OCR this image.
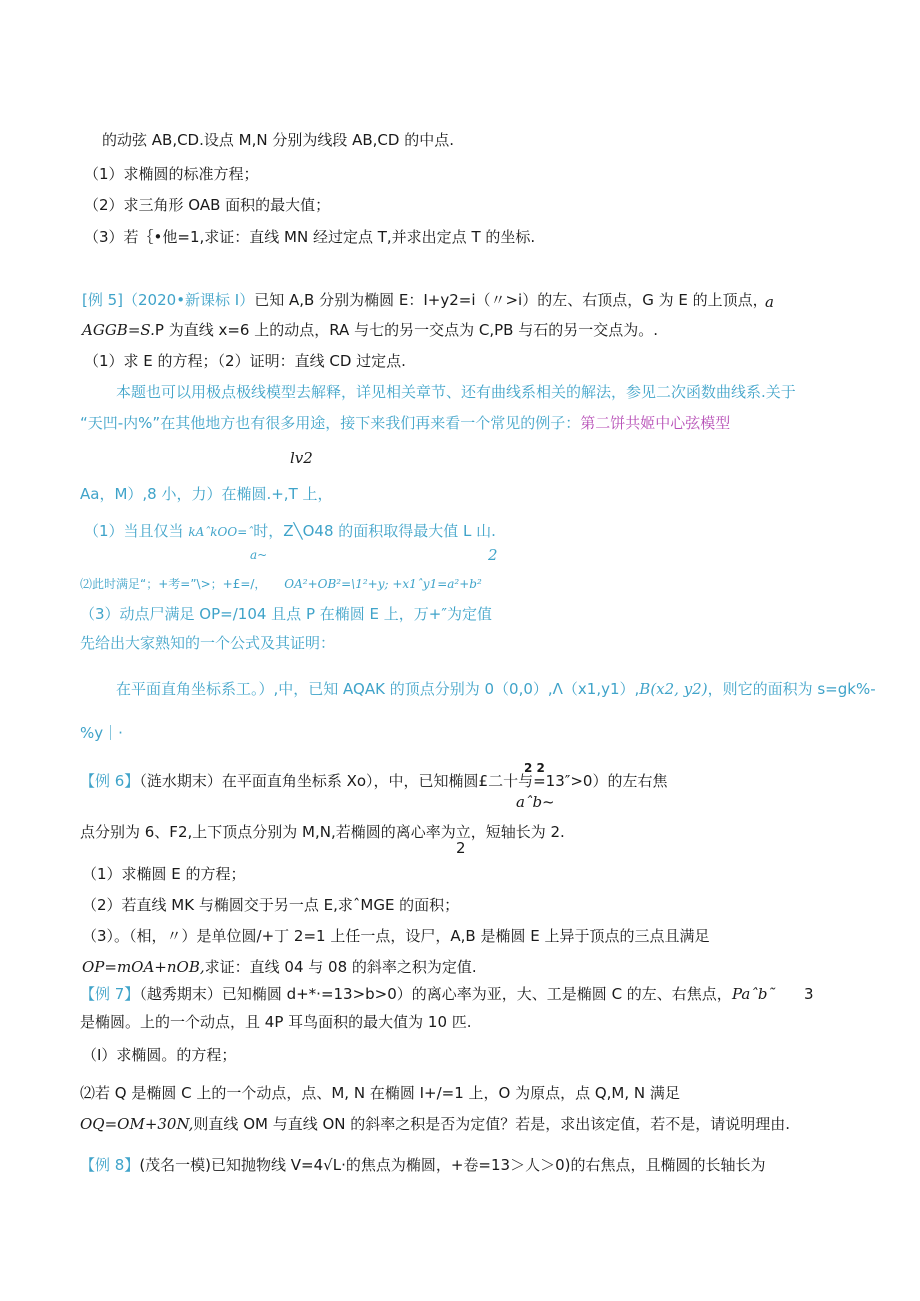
的动弦 AB,CD.设点 M,N 分别为线段 AB,CD 的中点.
（1）求椭圆的标准方程；
（2）求三角形 OAB 面积的最大值；
（3）若｛•他=1,求证：直线 MN 经过定点 T,并求出定点 T 的坐标.
[例 5]（2020•新课标 I）已知 A,B 分别为椭圆 E：I+y2=i（〃>i）的左、右顶点，G 为 E 的上顶点，
a
AGGB=S.P 为直线 x=6 上的动点，RA 与七的另一交点为 C,PB 与石的另一交点为。.
（1）求 E 的方程；（2）证明：直线 CD 过定点.
本题也可以用极点极线模型去解释，详见相关章节、还有曲线系相关的解法，参见二次函数曲线系.关于
“天凹-内%”在其他地方也有很多用途，接下来我们再来看一个常见的例子：第二饼共姬中心弦模型
lv2
Aa，M）,8 小，力）在椭圆.+,T 上，
（1）当且仅当 kAˆkOO=ˆ时，Z╲O48 的面积取得最大值 L 山.
a~	2
⑵此时满足“；+考=”\>；+£=/， OA²+OB²=\1²+y; +x1ˆy1=a²+b²
（3）动点尸满足 OP=/104 且点 P 在椭圆 E 上，万+″为定值
先给出大家熟知的一个公式及其证明：
在平面直角坐标系工。）,中，已知 AQAK 的顶点分别为 0（0,0）,Λ（x1,y1）,B(x2, y2)，则它的面积为 s=gk%-
%y｜·
2 2
【例 6】（涟水期末）在平面直角坐标系 Xo），中，已知椭圆£二十与=13″>0）的左右焦
aˆb~
点分别为 6、F2,上下顶点分别为 M,N,若椭圆的离心率为立，短轴长为 2.
2
（1）求椭圆 E 的方程；
（2）若直线 MK 与椭圆交于另一点 E,求ˆMGE 的面积；
（3）。（相，〃）是单位圆/+丁 2=1 上任一点，设尸，A,B 是椭圆 E 上异于顶点的三点且满足
OP=mOA+nOB,求证：直线 04 与 08 的斜率之积为定值.
【例 7】（越秀期末）已知椭圆 d+*·=13>b>0）的离心率为亚，大、工是椭圆 C 的左、右焦点， Paˆb˜ 3
是椭圆。上的一个动点，且 4P 耳鸟面积的最大值为 10 匹.
（I）求椭圆。的方程；
⑵若 Q 是椭圆 C 上的一个动点，点、M, N 在椭圆 I+/=1 上，O 为原点，点 Q,M, N 满足
OQ=OM+30N,则直线 OM 与直线 ON 的斜率之积是否为定值？若是，求出该定值，若不是，请说明理由.
【例 8】(茂名一模)已知抛物线 V=4√L·的焦点为椭圆，+卷=13＞人＞0)的右焦点，且椭圆的长轴长为
